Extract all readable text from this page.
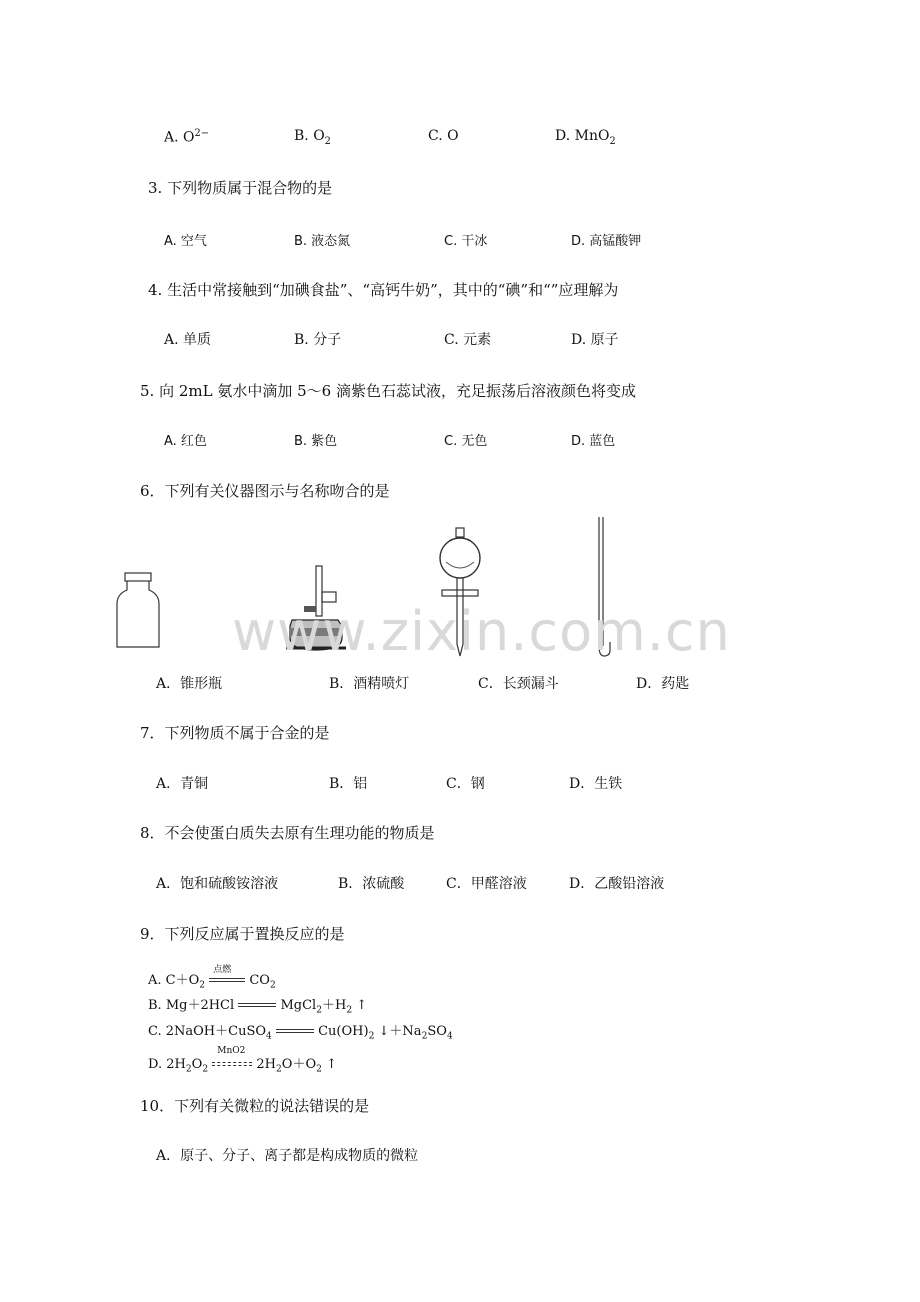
A. $O^{2-}$	B. $O_2$	C. O	D. MnO$_2$
3. 下列物质属于混合物的是
A. 空气	B. 液态氮	C. 干冰	D. 高锰酸钾
4. 生活中常接触到“加碘食盐”、“高钙牛奶”，其中的“碘”和“”应理解为
A. 单质	B. 分子	C. 元素	D. 原子
5. 向 2mL 氨水中滴加 5〜6 滴紫色石蕊试液，充足振荡后溶液颜色将变成
A. 红色	B. 紫色	C. 无色	D. 蓝色
6．下列有关仪器图示与名称吻合的是
www.zixin.com.cn
A．锥形瓶	B．酒精喷灯	C．长颈漏斗	D．药匙
7．下列物质不属于合金的是
A．青铜	B．铝	C．钢	D．生铁
8．不会使蛋白质失去原有生理功能的物质是
A．饱和硫酸铵溶液	B．浓硫酸	C．甲醛溶液	D．乙酸铅溶液
9．下列反应属于置换反应的是
A. $C+O_2$
点燃
$CO_2$
B. Mg＋2HCl	$MgCl_2+H_2$ ↑
C. 2NaOH＋CuSO$_4$	$Cu(OH)_2$ $↓+Na_2SO_4$
D. $2H_2O_2$
MnO2
$2H_2O+O_2$ ↑
10．下列有关微粒的说法错误的是
A．原子、分子、离子都是构成物质的微粒
